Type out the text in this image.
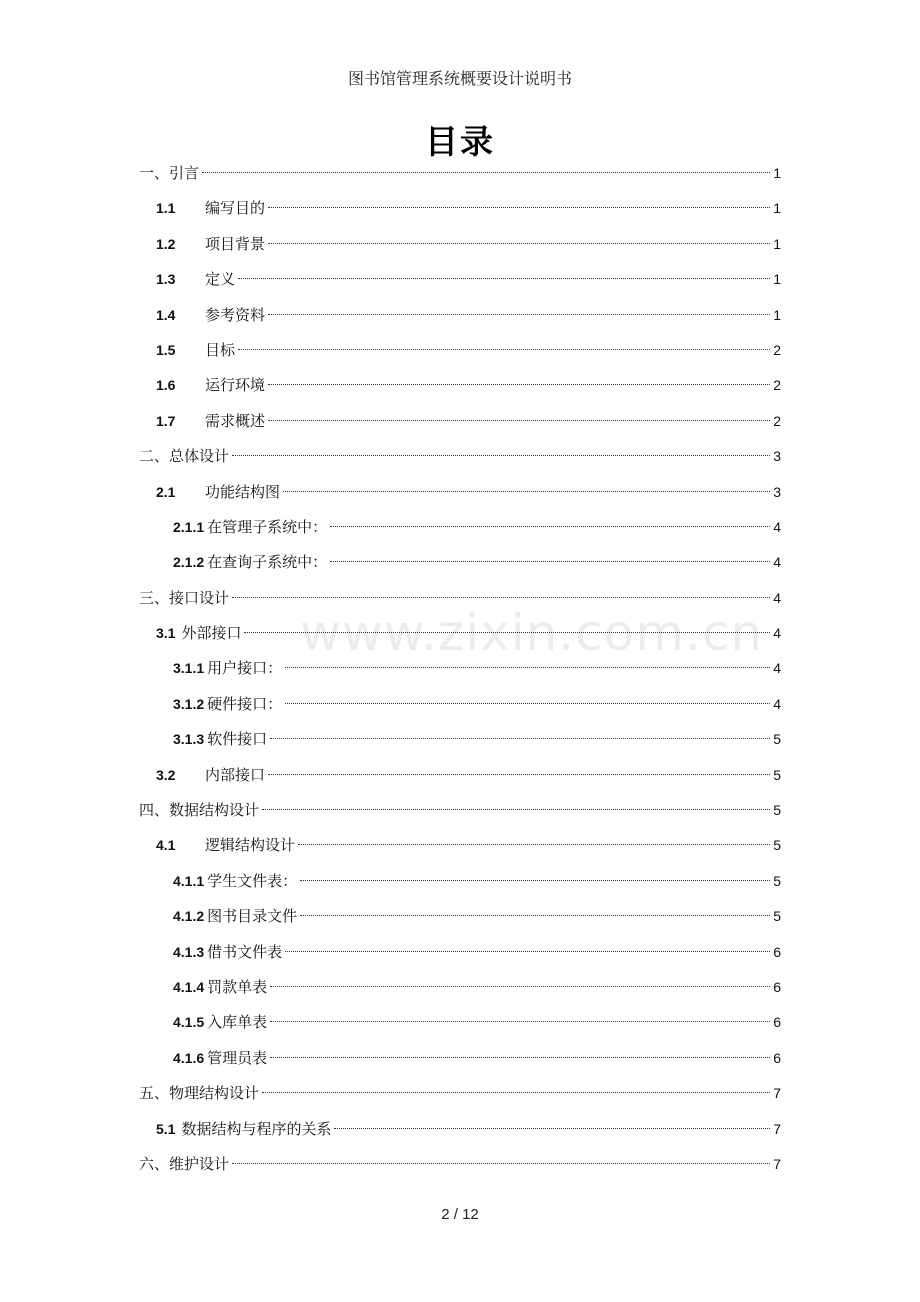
图书馆管理系统概要设计说明书
目录
www.zixin.com.cn
一、引言	1
1.1	编写目的	1
1.2	项目背景	1
1.3	定义	1
1.4	参考资料	1
1.5	目标	2
1.6	运行环境	2
1.7	需求概述	2
二、总体设计	3
2.1	功能结构图	3
2.1.1 在管理子系统中：	4
2.1.2 在查询子系统中：	4
三、接口设计	4
3.1 外部接口	4
3.1.1 用户接口：	4
3.1.2 硬件接口：	4
3.1.3 软件接口	5
3.2	内部接口	5
四、数据结构设计	5
4.1	逻辑结构设计	5
4.1.1 学生文件表：	5
4.1.2 图书目录文件	5
4.1.3 借书文件表	6
4.1.4 罚款单表	6
4.1.5 入库单表	6
4.1.6 管理员表	6
五、物理结构设计	7
5.1 数据结构与程序的关系	7
六、维护设计	7
2 / 12
